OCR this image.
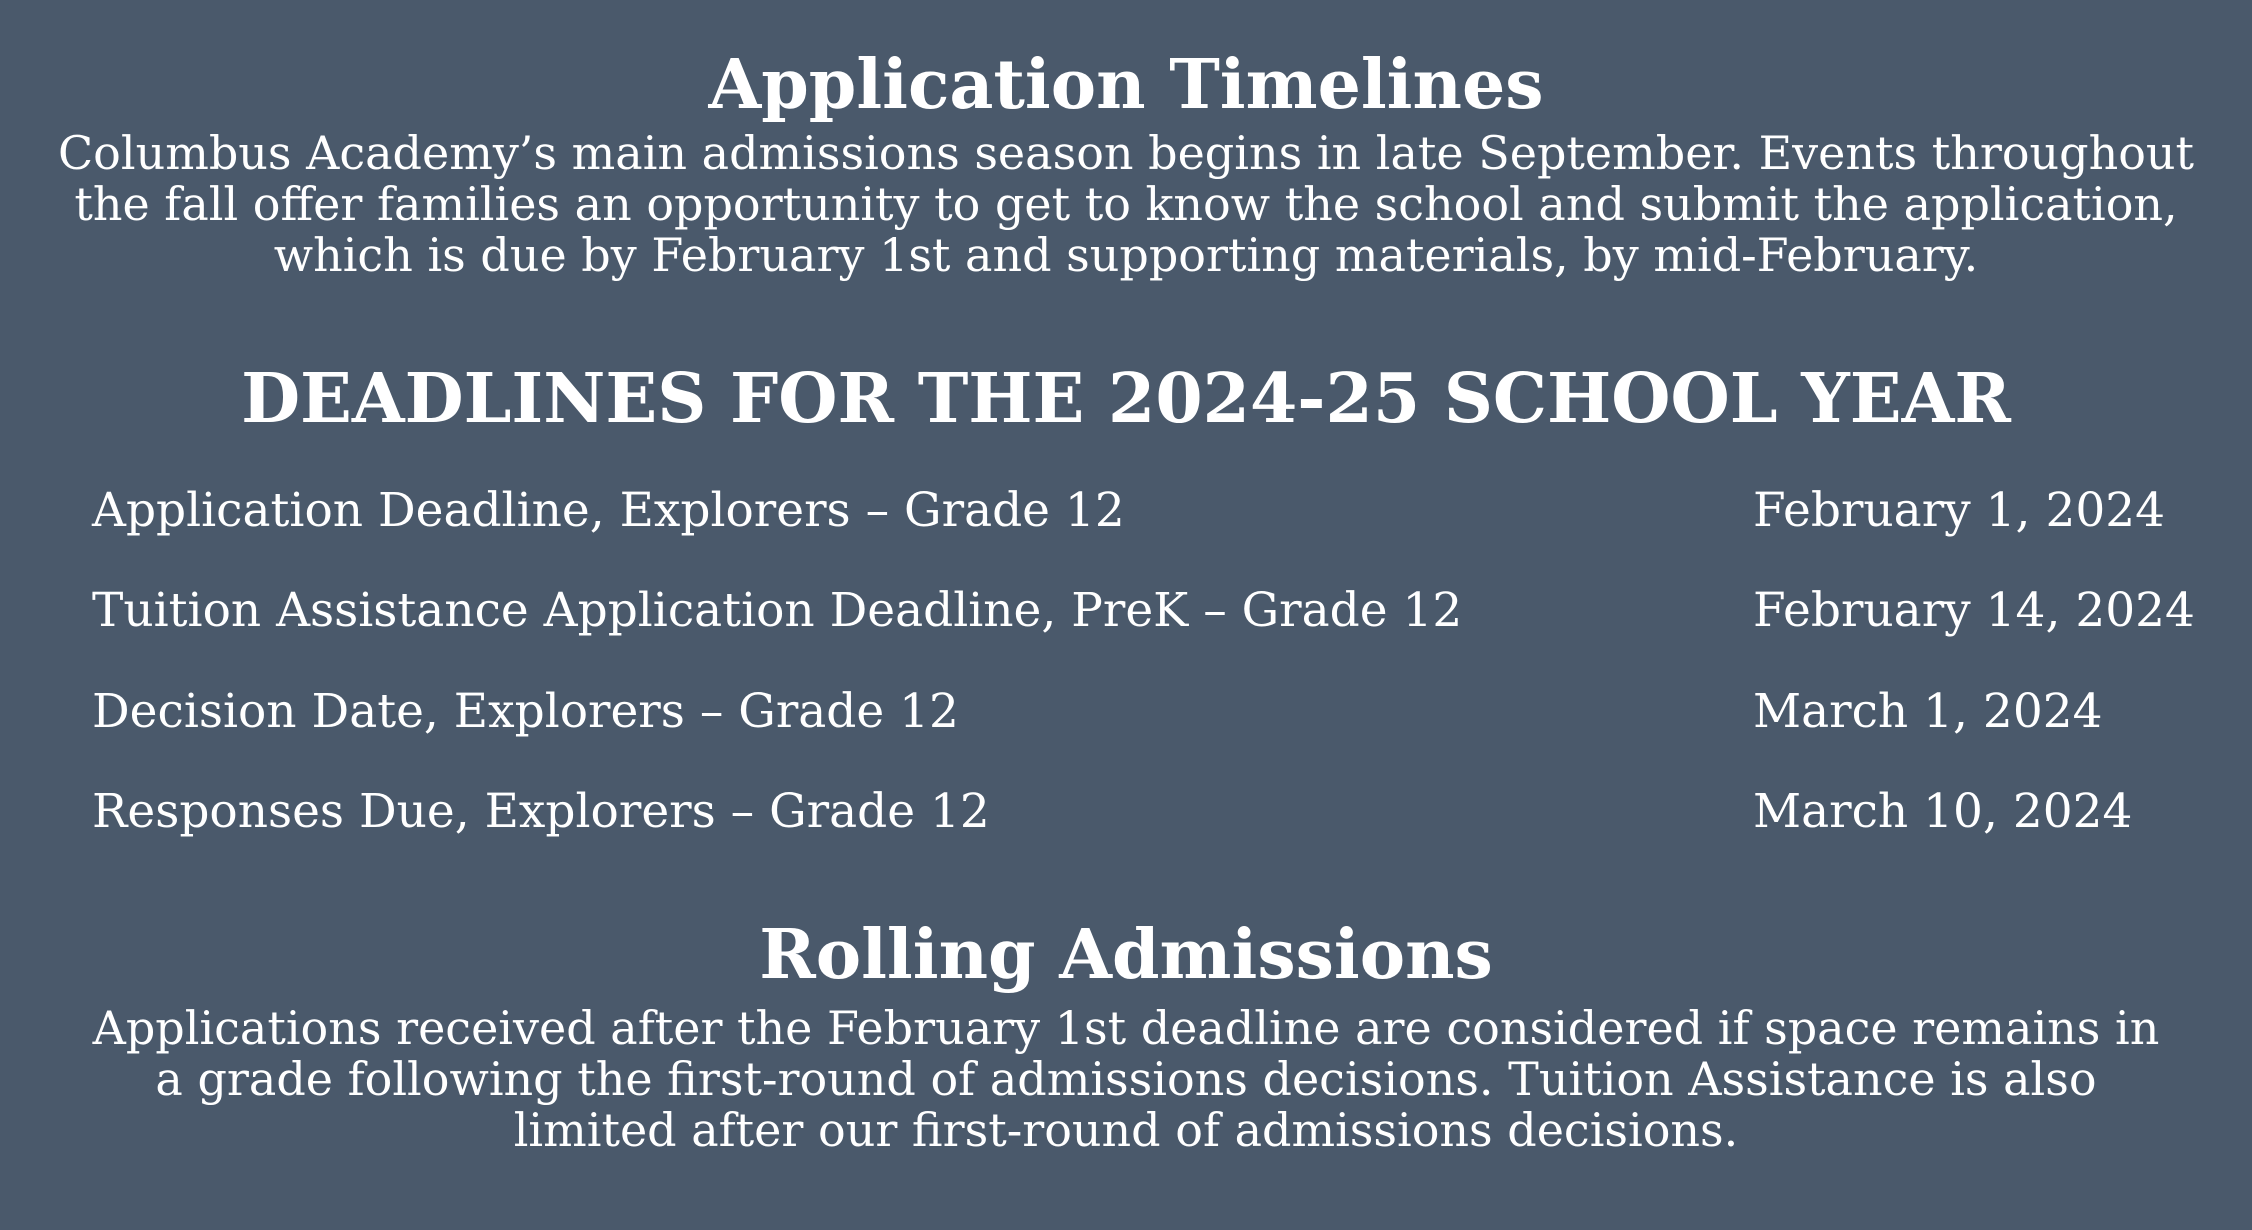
Application Timelines

Columbus Academy’s main admissions season begins in late September. Events throughout the fall offer families an opportunity to get to know the school and submit the application, which is due by February 1st and supporting materials, by mid-February.

DEADLINES FOR THE 2024-25 SCHOOL YEAR
Application Deadline, Explorers – Grade 12	February 1, 2024
Tuition Assistance Application Deadline, PreK – Grade 12	February 14, 2024
Decision Date, Explorers – Grade 12	March 1, 2024
Responses Due, Explorers – Grade 12	March 10, 2024
Rolling Admissions

Applications received after the February 1st deadline are considered if space remains in a grade following the first-round of admissions decisions. Tuition Assistance is also limited after our first-round of admissions decisions.
